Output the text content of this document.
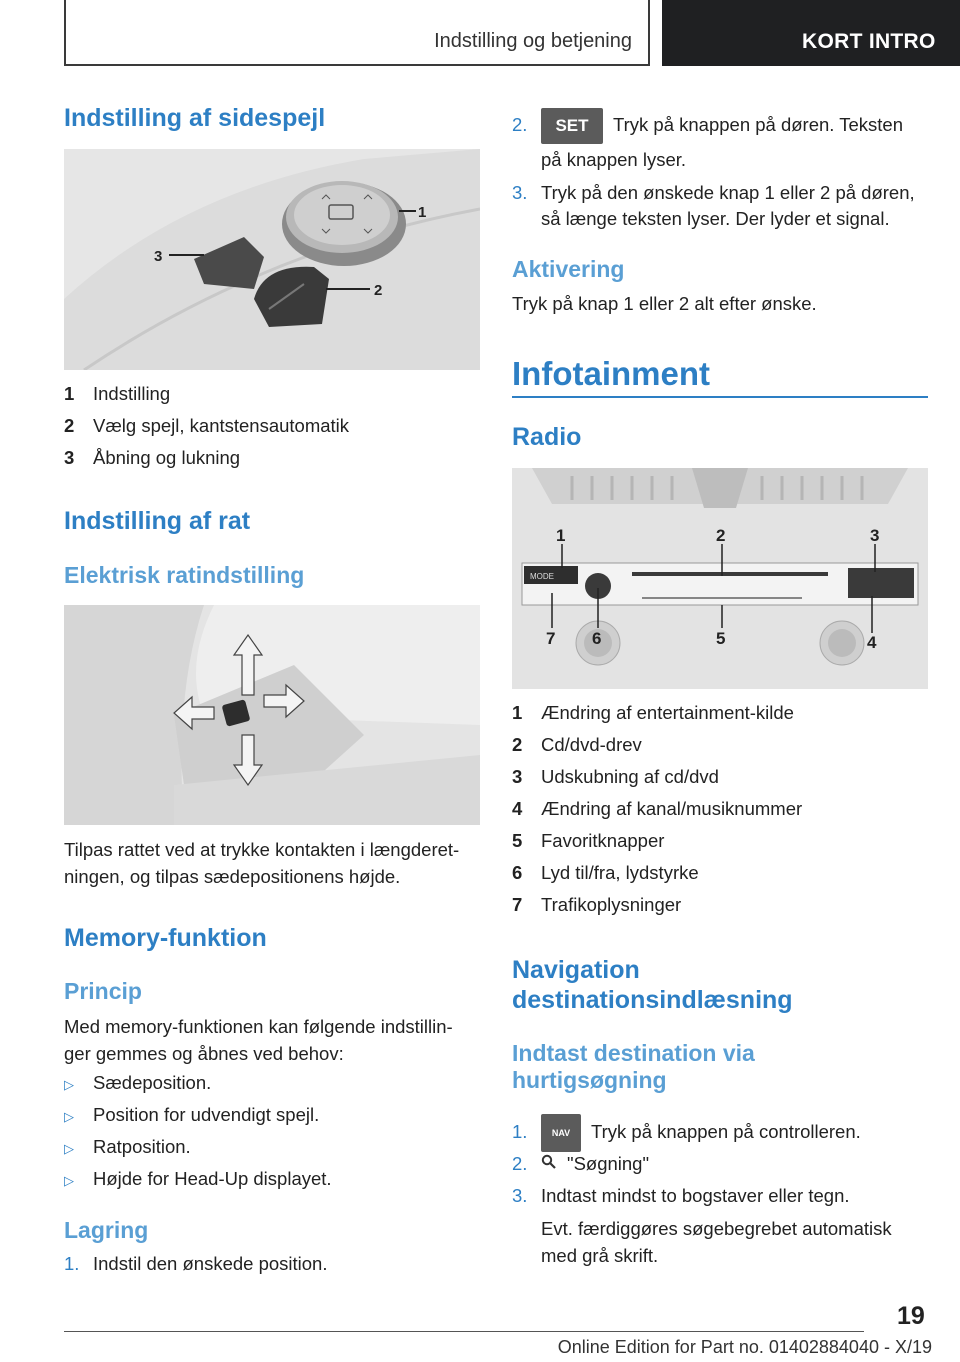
Indstilling og betjening	KORT INTRO
Indstilling af sidespejl
1
2
3
1 Indstilling
2 Vælg spejl, kantstensautomatik
3 Åbning og lukning
Indstilling af rat
Elektrisk ratindstilling
Tilpas rattet ved at trykke kontakten i længderet‐
ningen, og tilpas sædepositionens højde.
Memory-funktion
Princip
Med memory-funktionen kan følgende indstillin‐
ger gemmes og åbnes ved behov:
▷ Sædeposition.
▷ Position for udvendigt spejl.
▷ Ratposition.
▷ Højde for Head-Up displayet.
Lagring
1. Indstil den ønskede position.
2. SET Tryk på knappen på døren. Teksten
på knappen lyser.
3. Tryk på den ønskede knap 1 eller 2 på døren,
så længe teksten lyser. Der lyder et signal.
Aktivering
Tryk på knap 1 eller 2 alt efter ønske.
Infotainment
Radio
MODE
1	2	3
4
5
6
7
1 Ændring af entertainment-kilde
2 Cd/dvd-drev
3 Udskubning af cd/dvd
4 Ændring af kanal/musiknummer
5 Favoritknapper
6 Lyd til/fra, lydstyrke
7 Trafikoplysninger
Navigation
destinationsindlæsning
Indtast destination via
hurtigsøgning
1.	NAV Tryk på knappen på controlleren.
2. "Søgning"
3. Indtast mindst to bogstaver eller tegn.
Evt. færdiggøres søgebegrebet automatisk
med grå skrift.
19
Online Edition for Part no. 01402884040 - X/19
